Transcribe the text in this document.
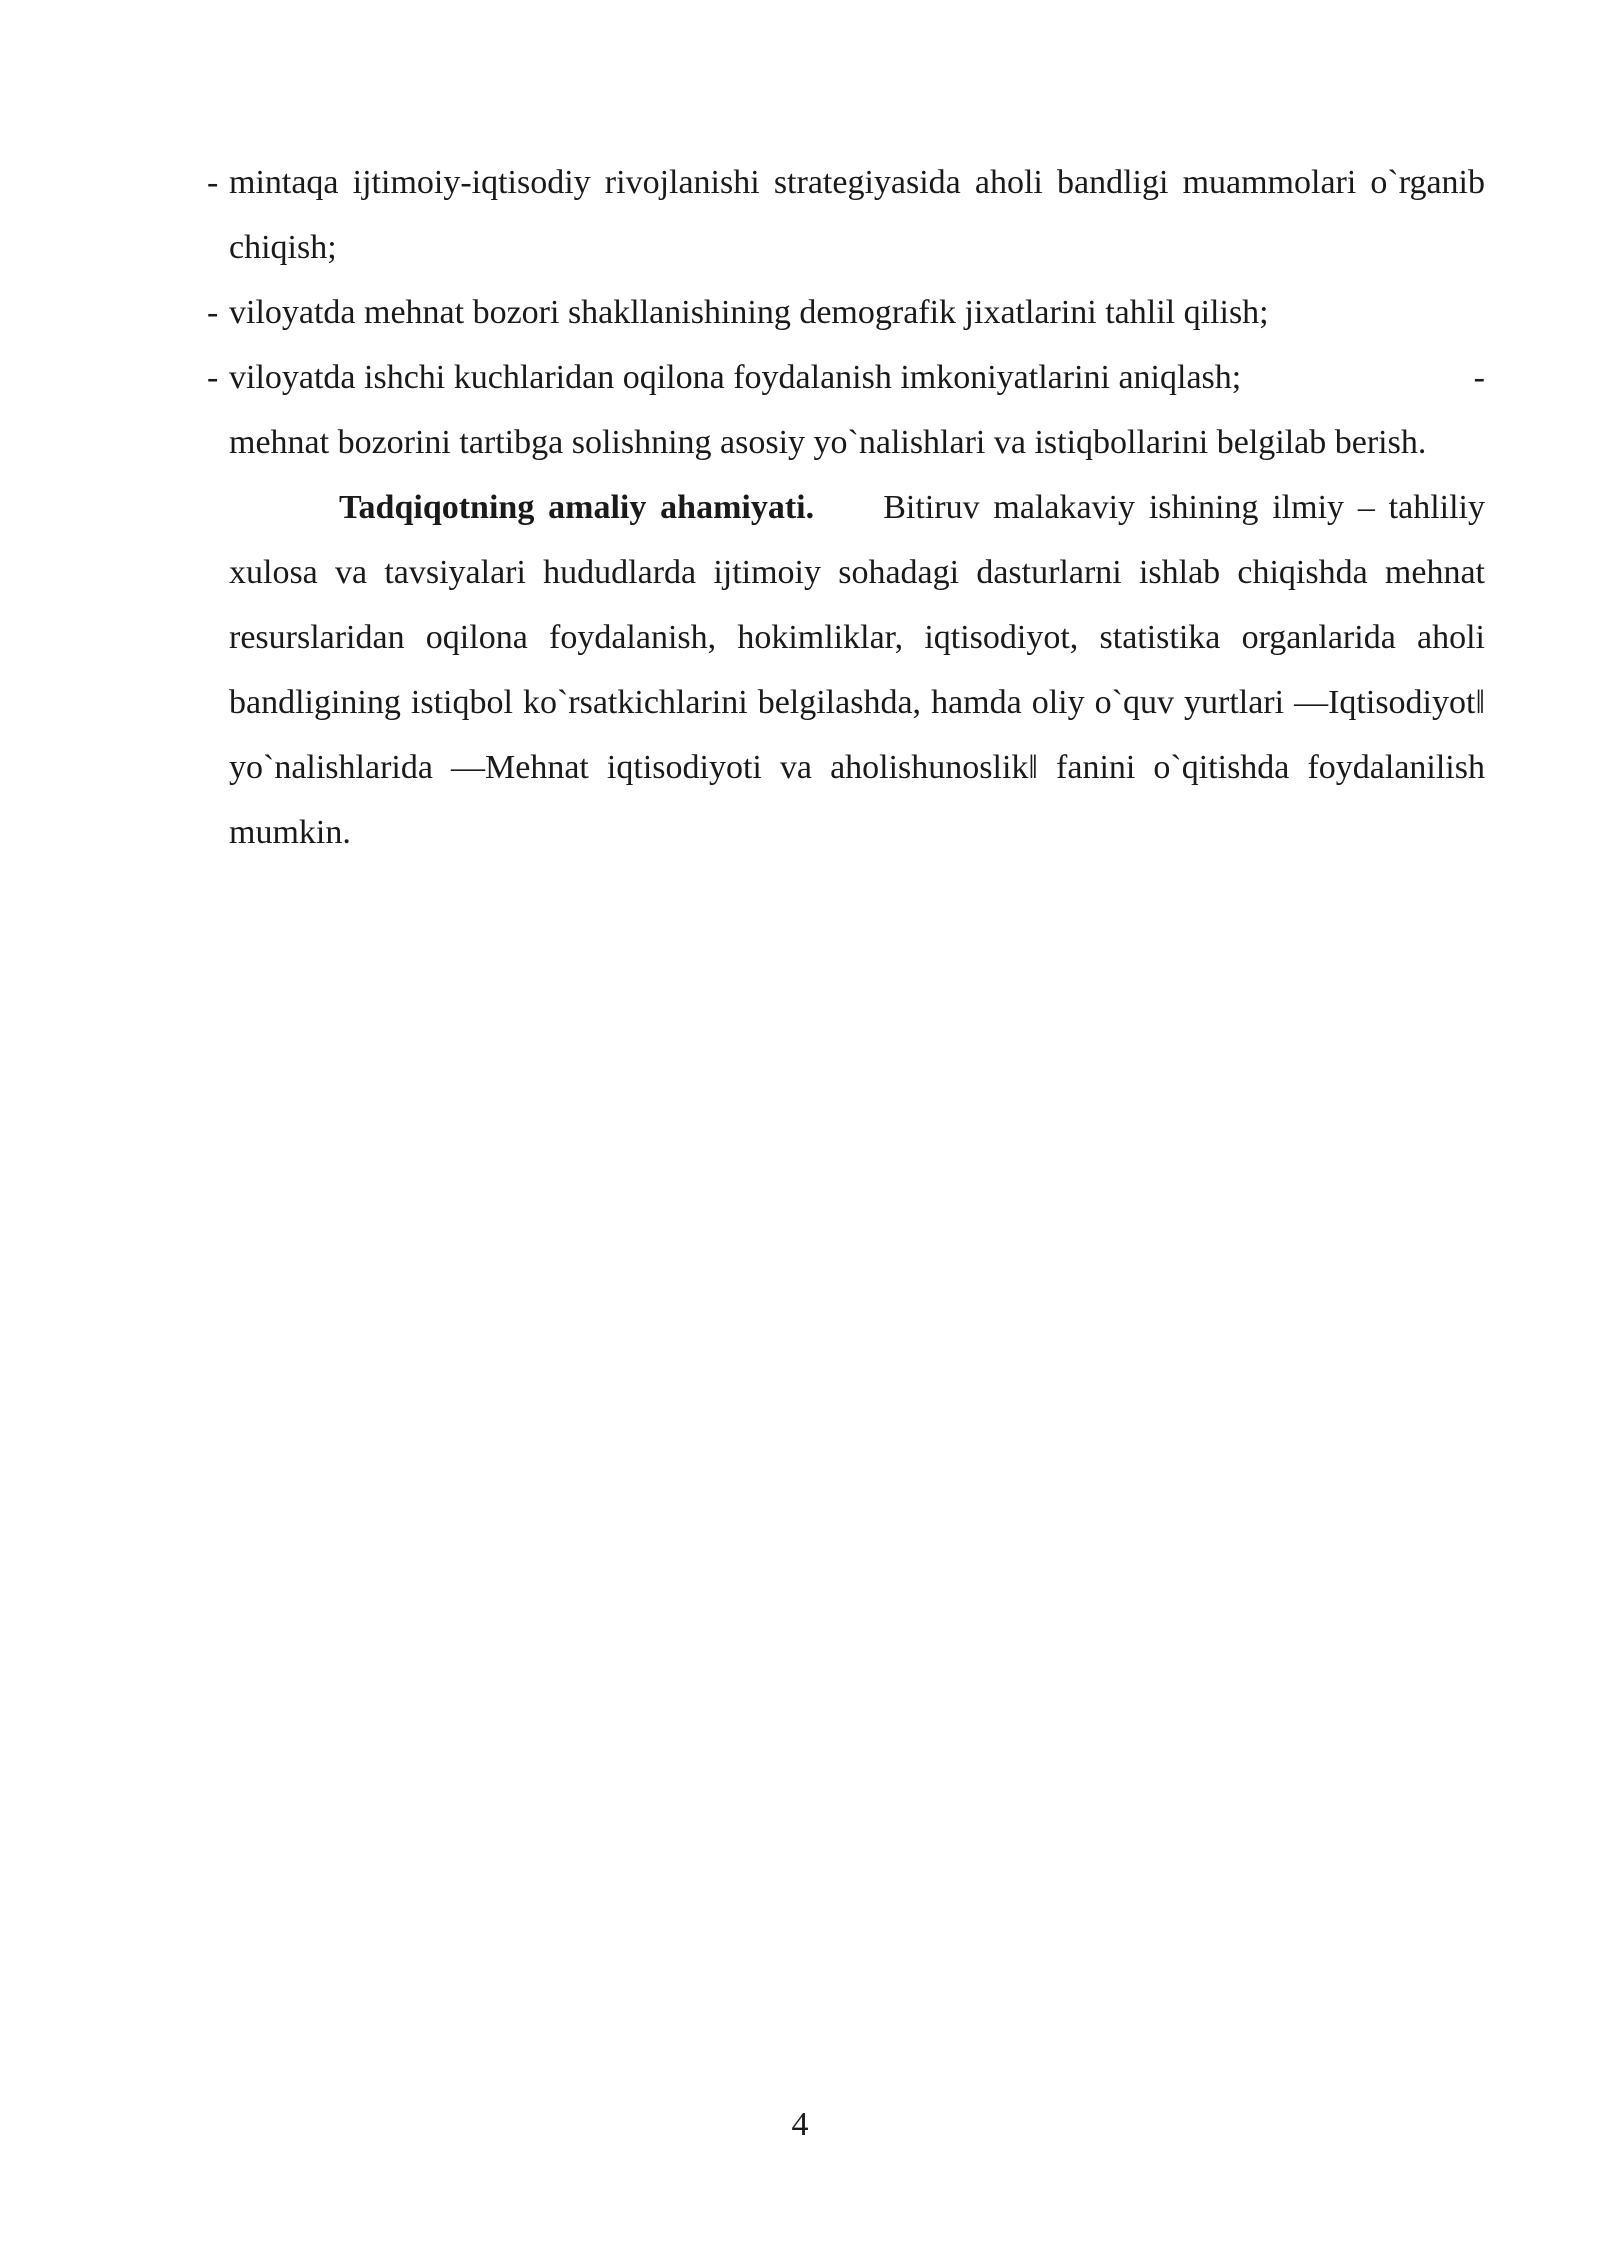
- mintaqa ijtimoiy-iqtisodiy rivojlanishi strategiyasida aholi bandligi muammolari o`rganib chiqish;
- viloyatda mehnat bozori shakllanishining demografik jixatlarini tahlil qilish;
- viloyatda ishchi kuchlaridan oqilona foydalanish imkoniyatlarini aniqlash;	-
mehnat bozorini tartibga solishning asosiy yo`nalishlari va istiqbollarini belgilab berish.
Tadqiqotning amaliy ahamiyati. Bitiruv malakaviy ishining ilmiy – tahliliy xulosa va tavsiyalari hududlarda ijtimoiy sohadagi dasturlarni ishlab chiqishda mehnat resurslaridan oqilona foydalanish, hokimliklar, iqtisodiyot, statistika organlarida aholi bandligining istiqbol ko`rsatkichlarini belgilashda, hamda oliy o`quv yurtlari ―Iqtisodiyot‖ yo`nalishlarida ―Mehnat iqtisodiyoti va aholishunoslik‖ fanini o`qitishda foydalanilish mumkin.
4
